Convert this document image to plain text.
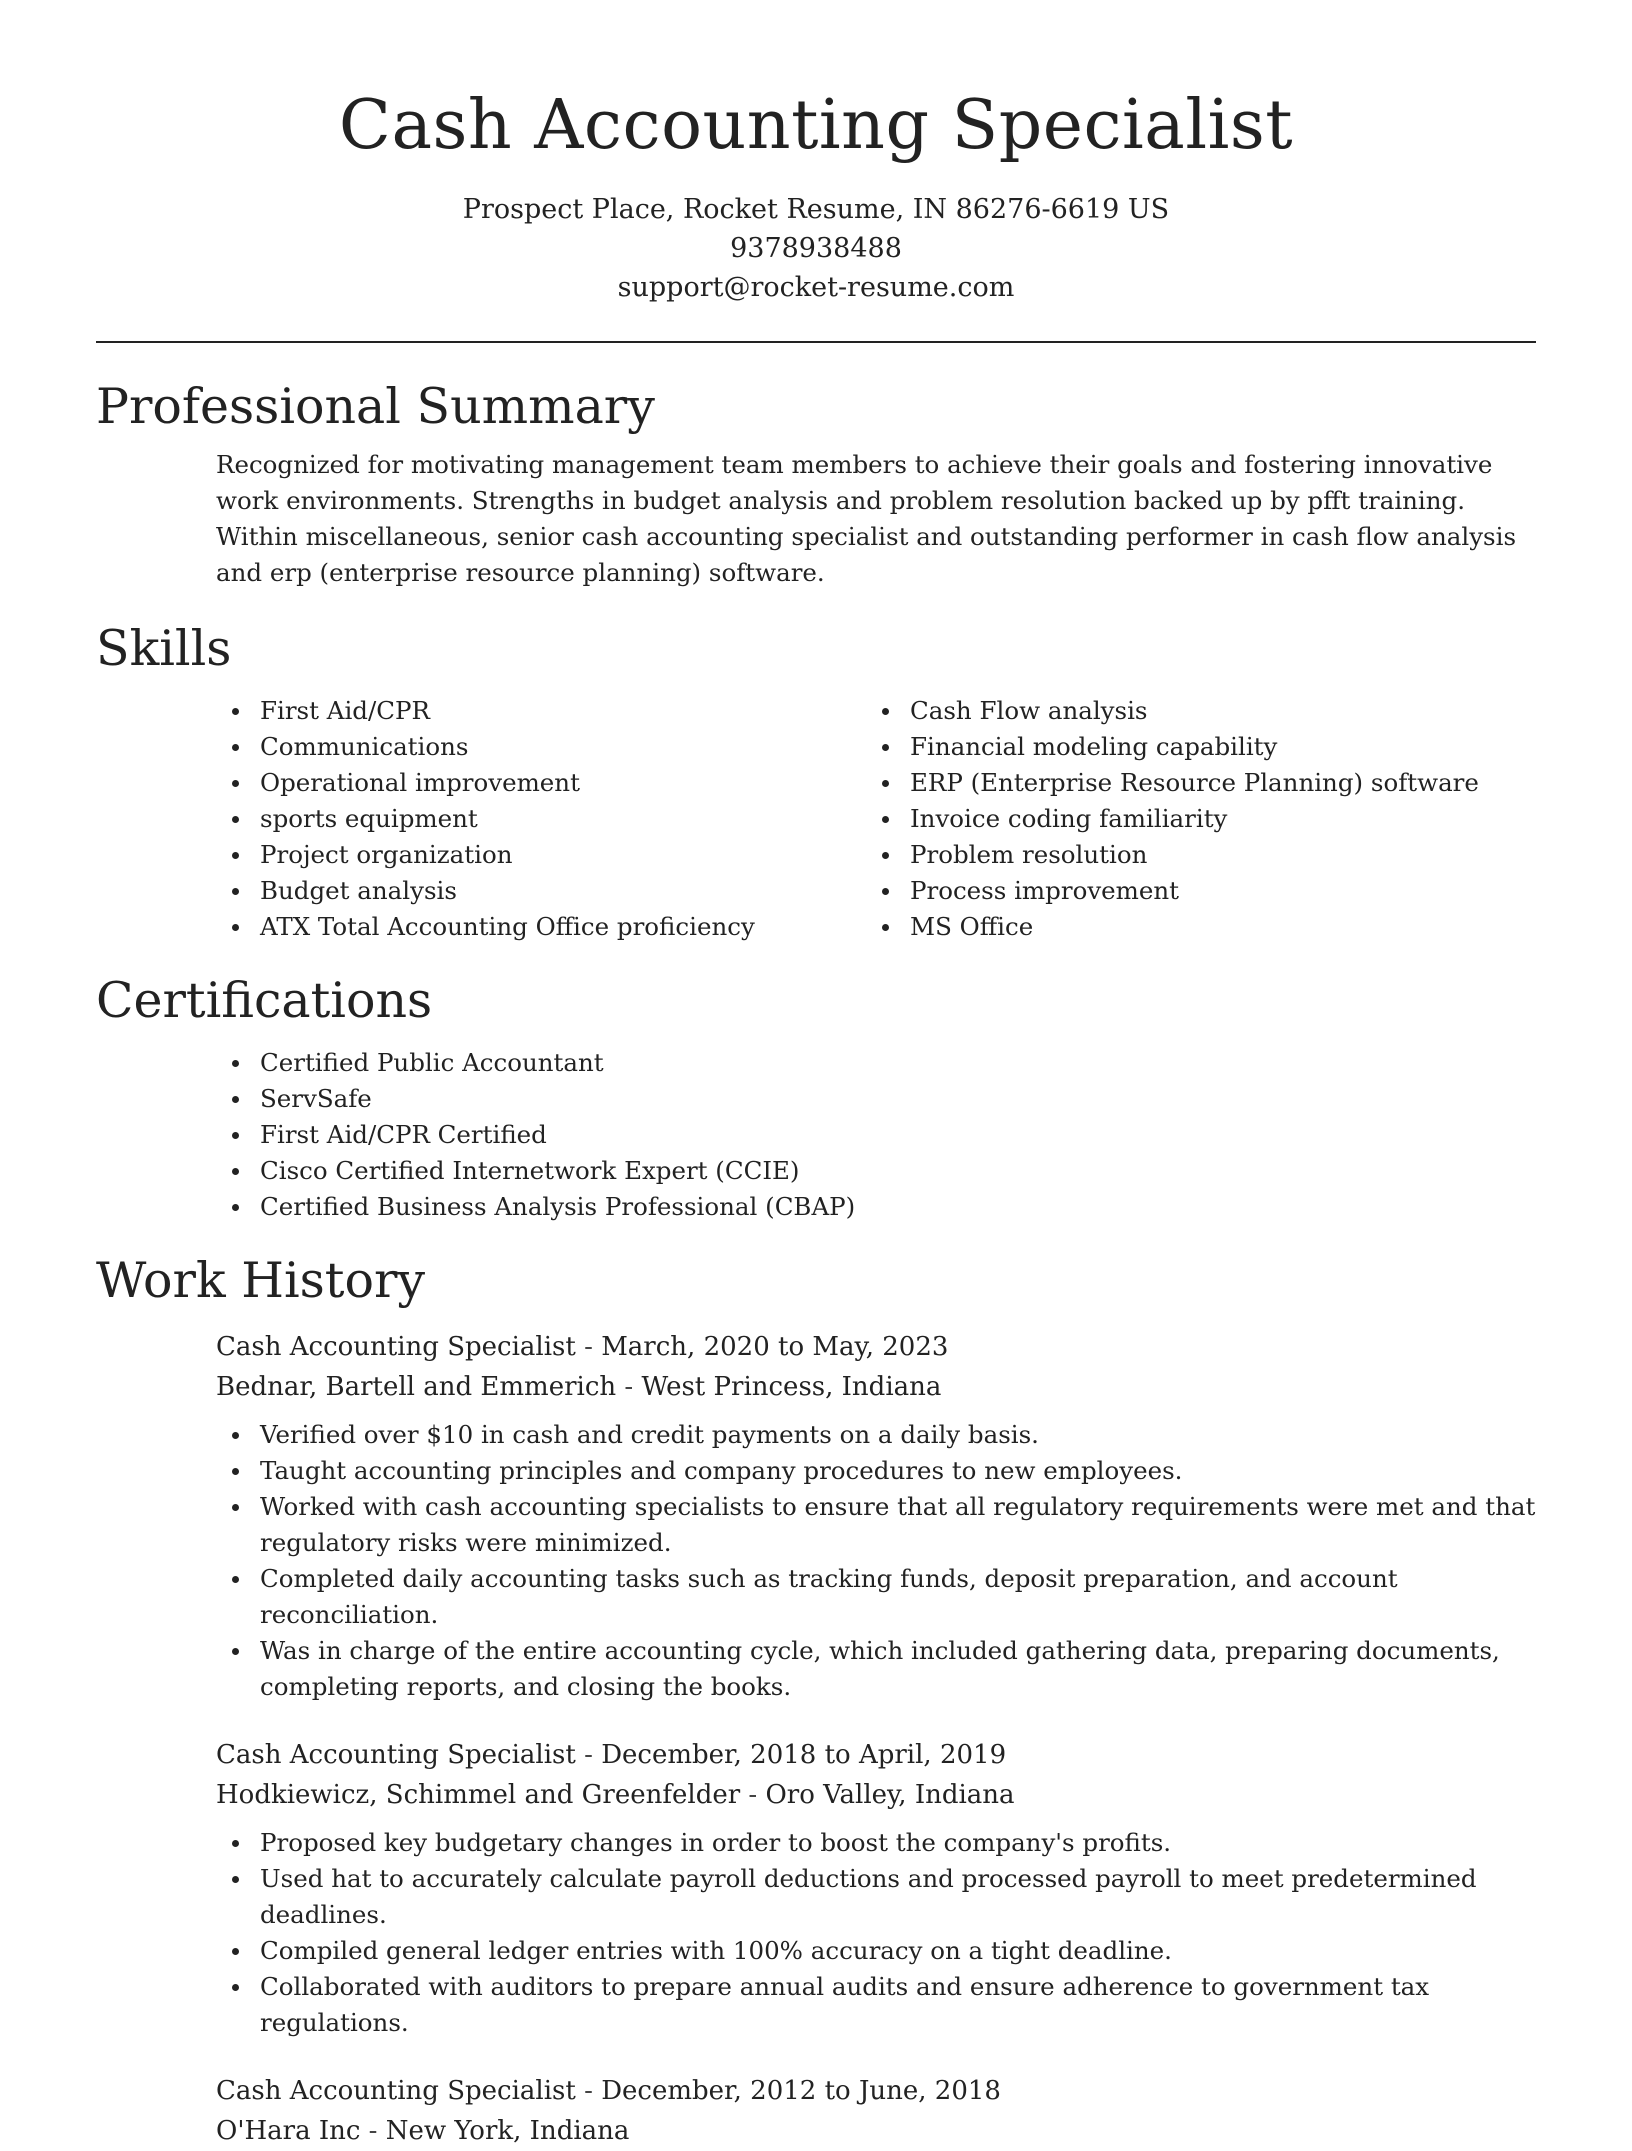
Cash Accounting Specialist
Prospect Place, Rocket Resume, IN 86276-6619 US
9378938488
support@rocket-resume.com
Professional Summary

Recognized for motivating management team members to achieve their goals and fostering innovative work environments. Strengths in budget analysis and problem resolution backed up by pfft training. Within miscellaneous, senior cash accounting specialist and outstanding performer in cash flow analysis and erp (enterprise resource planning) software.

Skills
First Aid/CPR
Communications
Operational improvement
sports equipment
Project organization
Budget analysis
ATX Total Accounting Office proficiency
Cash Flow analysis
Financial modeling capability
ERP (Enterprise Resource Planning) software
Invoice coding familiarity
Problem resolution
Process improvement
MS Office
Certifications
Certified Public Accountant
ServSafe
First Aid/CPR Certified
Cisco Certified Internetwork Expert (CCIE)
Certified Business Analysis Professional (CBAP)
Work History
Cash Accounting Specialist - March, 2020 to May, 2023
Bednar, Bartell and Emmerich - West Princess, Indiana
Verified over $10 in cash and credit payments on a daily basis.
Taught accounting principles and company procedures to new employees.
Worked with cash accounting specialists to ensure that all regulatory requirements were met and that regulatory risks were minimized.
Completed daily accounting tasks such as tracking funds, deposit preparation, and account reconciliation.
Was in charge of the entire accounting cycle, which included gathering data, preparing documents, completing reports, and closing the books.
Cash Accounting Specialist - December, 2018 to April, 2019
Hodkiewicz, Schimmel and Greenfelder - Oro Valley, Indiana
Proposed key budgetary changes in order to boost the company's profits.
Used hat to accurately calculate payroll deductions and processed payroll to meet predetermined deadlines.
Compiled general ledger entries with 100% accuracy on a tight deadline.
Collaborated with auditors to prepare annual audits and ensure adherence to government tax regulations.
Cash Accounting Specialist - December, 2012 to June, 2018
O'Hara Inc - New York, Indiana
